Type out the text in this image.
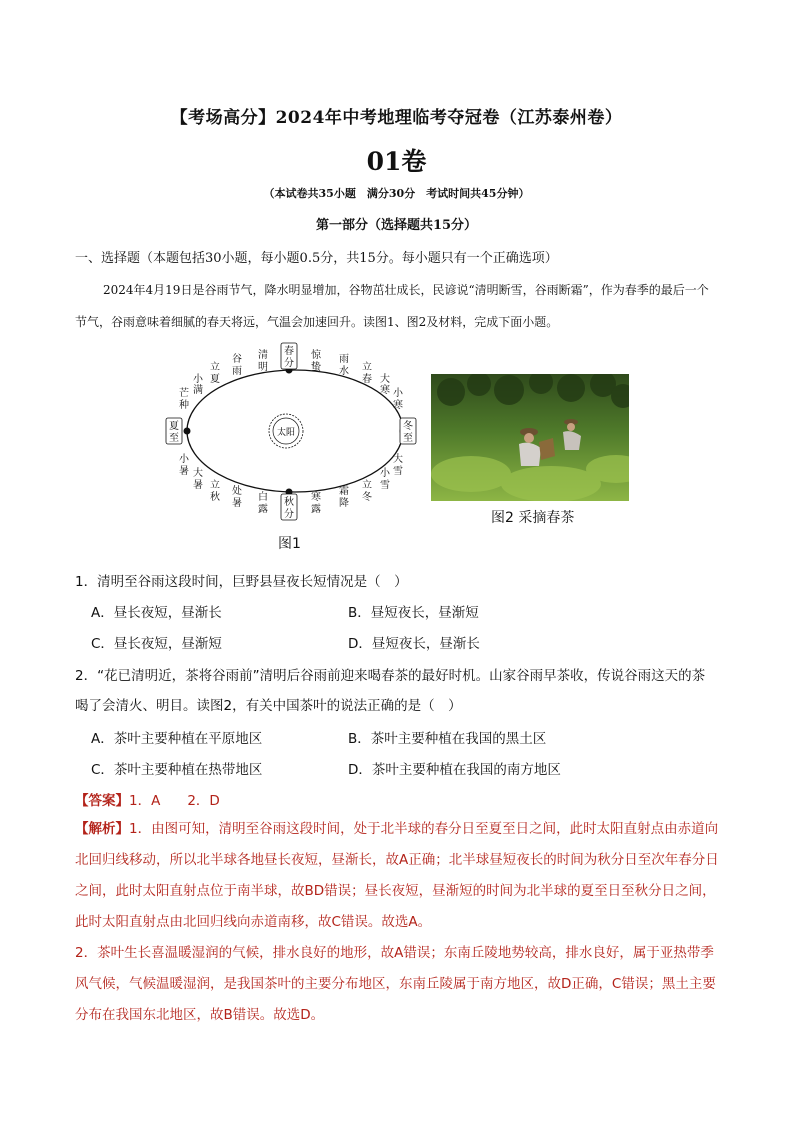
【考场高分】2024年中考地理临考夺冠卷（江苏泰州卷）
01卷
（本试卷共35小题　满分30分　考试时间共45分钟）
第一部分（选择题共15分）
一、选择题（本题包括30小题，每小题0.5分，共15分。每小题只有一个正确选项）
2024年4月19日是谷雨节气，降水明显增加，谷物茁壮成长，民谚说“清明断雪，谷雨断霜”，作为春季的最后一个节气，谷雨意味着细腻的春天将远，气温会加速回升。读图1、图2及材料，完成下面小题。
太阳
春
分
清
明
谷
雨
立
夏
惊
蛰
雨
水 立
春
小
满
芒
种
夏
至
小
暑 大
暑
大
寒 小
寒
冬
至
大
雪
小
雪
立
冬
霜
降
寒
露
秋
分
白
露
处
暑
立
秋
图1
图2 采摘春茶
1．清明至谷雨这段时间，巨野县昼夜长短情况是（　）
A．昼长夜短，昼渐长	B．昼短夜长，昼渐短
C．昼长夜短，昼渐短	D．昼短夜长，昼渐长
2．“花已清明近，茶将谷雨前”清明后谷雨前迎来喝春茶的最好时机。山家谷雨早茶收，传说谷雨这天的茶
喝了会清火、明目。读图2，有关中国茶叶的说法正确的是（　）
A．茶叶主要种植在平原地区	B．茶叶主要种植在我国的黑土区
C．茶叶主要种植在热带地区	D．茶叶主要种植在我国的南方地区
【答案】1．A　　2．D
【解析】1．由图可知，清明至谷雨这段时间，处于北半球的春分日至夏至日之间，此时太阳直射点由赤道向北回归线移动，所以北半球各地昼长夜短，昼渐长，故A正确；北半球昼短夜长的时间为秋分日至次年春分日之间，此时太阳直射点位于南半球，故BD错误；昼长夜短，昼渐短的时间为北半球的夏至日至秋分日之间，此时太阳直射点由北回归线向赤道南移，故C错误。故选A。
2．茶叶生长喜温暖湿润的气候，排水良好的地形，故A错误；东南丘陵地势较高，排水良好，属于亚热带季风气候，气候温暖湿润，是我国茶叶的主要分布地区，东南丘陵属于南方地区，故D正确，C错误；黑土主要分布在我国东北地区，故B错误。故选D。
